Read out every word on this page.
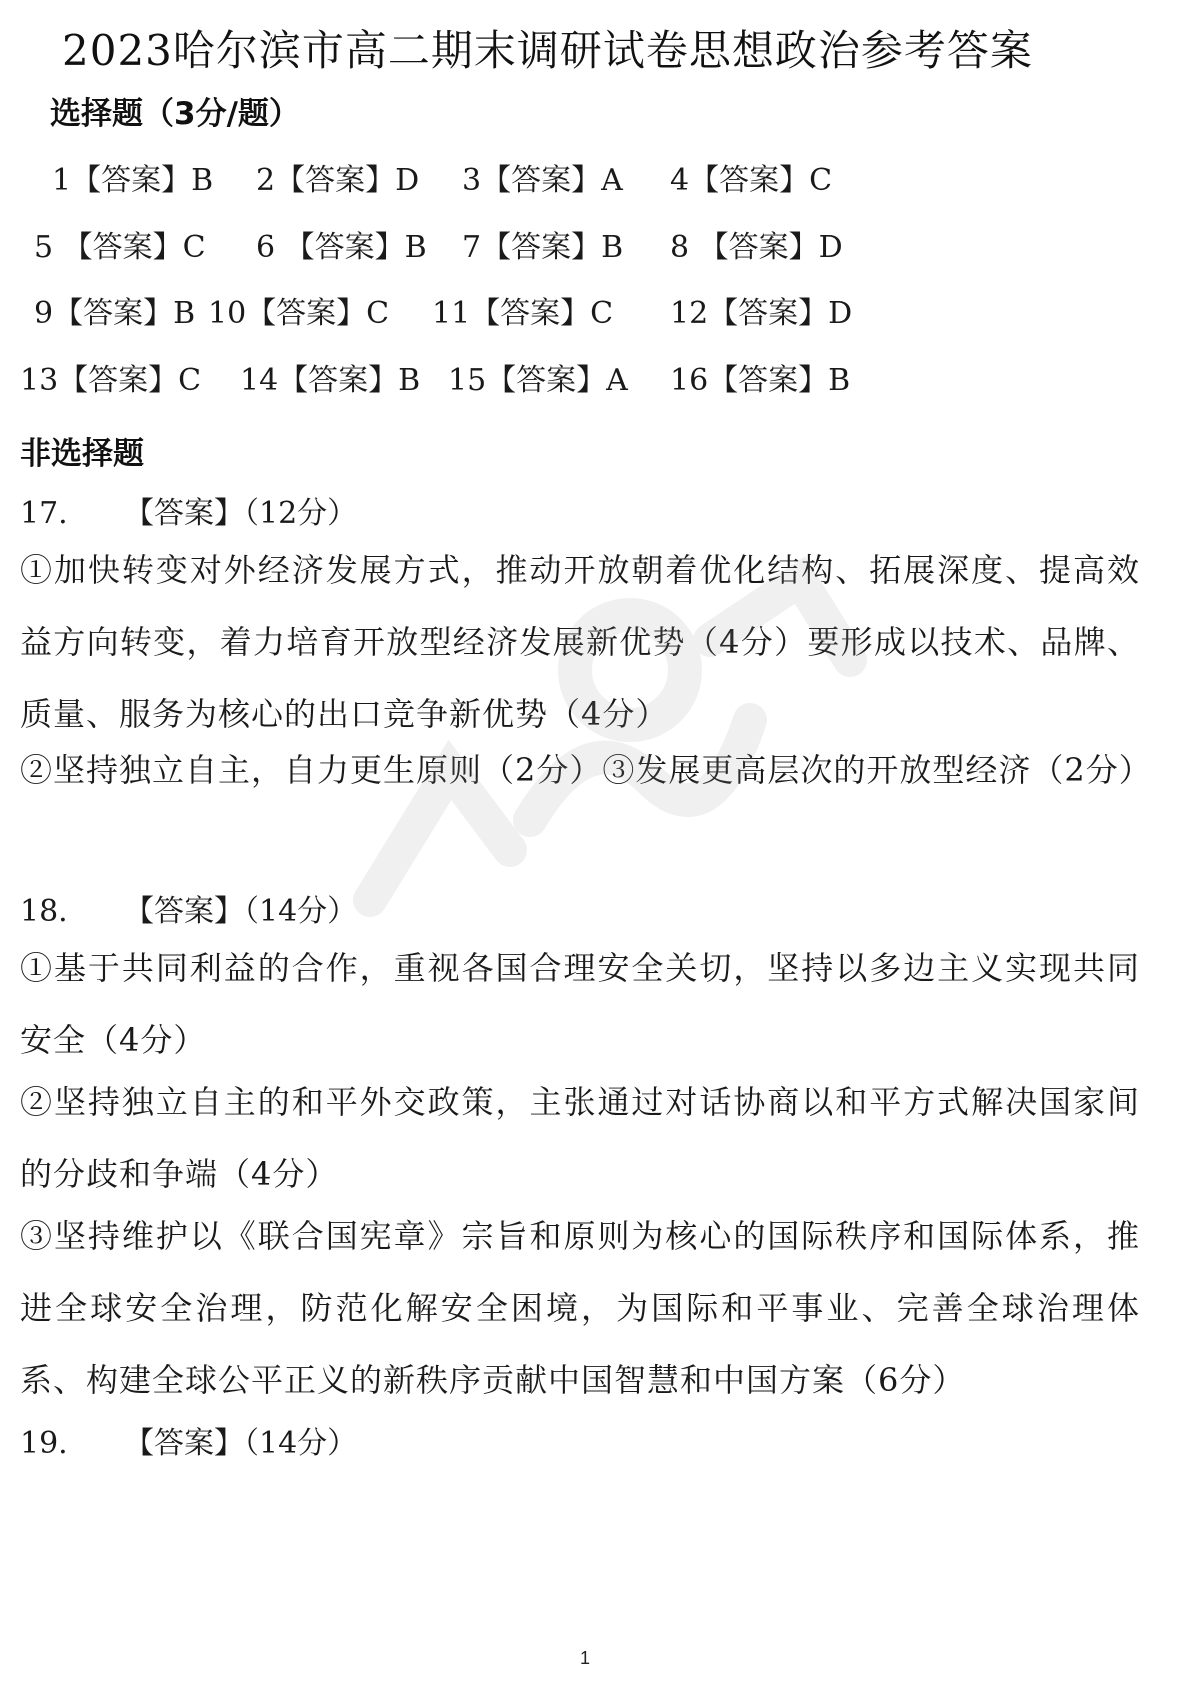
2023哈尔滨市高二期末调研试卷思想政治参考答案
选择题（3分/题）
1【答案】B 2【答案】D 3【答案】A 4【答案】C
5 【答案】C 6 【答案】B 7【答案】B 8 【答案】D
9【答案】B 10【答案】C 11【答案】C 12【答案】D
13【答案】C 14【答案】B 15【答案】A 16【答案】B
非选择题
17. 【答案】（12分）

①加快转变对外经济发展方式，推动开放朝着优化结构、拓展深度、提高效益方向转变，着力培育开放型经济发展新优势（4分）要形成以技术、品牌、质量、服务为核心的出口竞争新优势（4分）

②坚持独立自主，自力更生原则（2分）③发展更高层次的开放型经济（2分）

18. 【答案】（14分）

①基于共同利益的合作，重视各国合理安全关切，坚持以多边主义实现共同安全（4分）

②坚持独立自主的和平外交政策，主张通过对话协商以和平方式解决国家间的分歧和争端（4分）

③坚持维护以《联合国宪章》宗旨和原则为核心的国际秩序和国际体系，推进全球安全治理，防范化解安全困境，为国际和平事业、完善全球治理体系、构建全球公平正义的新秩序贡献中国智慧和中国方案（6分）

19. 【答案】（14分）
1
